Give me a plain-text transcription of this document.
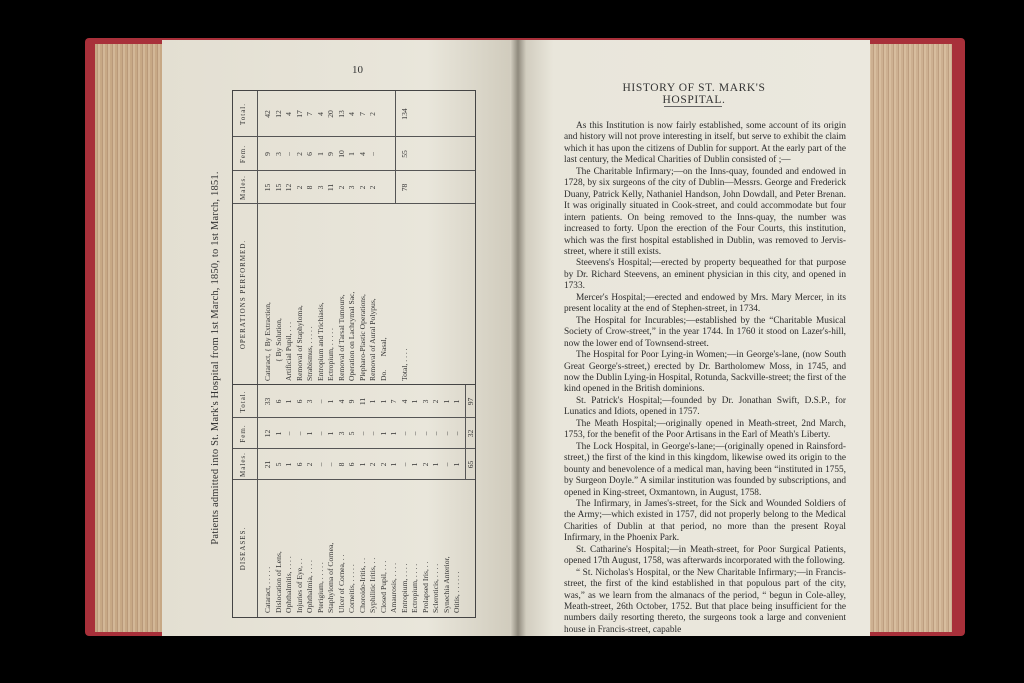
10
Patients admitted into St. Mark's Hospital from 1st March, 1850, to 1st March, 1851.
DISEASES.
Males.
Fem.
Total.
OPERATIONS PERFORMED.
Males.
Fem.
Total.
Cataract, . . . . .
Dislocation of Lens,
Ophthalmitis, . . . .
Injuries of Eye, . .
Ophthalmia, . . . .
Pterigium, . . . . .
Staphyloma of Cornea,
Ulcer of Cornea, . .
Corneitis, . . . . .
Choroido-Iritis, . .
Syphilitic Iritis, . .
Closed Pupil, . . .
Amaurosis, . . . .
Entropium, . . . .
Ectropium, . . . .
Prolapsed Iris, . .
Scleroticis, . . . .
Synechia Anterior,
Otitis, . . . . . .
21
5
1
6
2
–
–
8
6
1
2
2
1
–
1
2
1
–
1
12
1
–
–
1
–
1
3
5
–
–
1
1
–
–
–
–
–
–
33
6
1
6
3
–
1
4
9
11
1
1
7
4
1
3
2
1
1
65
32
97
Cataract, { By Extraction,
{ By Solution,
Artificial Pupil, . . .
Removal of Staphyloma,
Strabismus, . . . . .
Entropium and Trichiasis,
Ectropium, . . . . .
Removal of Tarsal Tumours,
Operation on Lachrymal Sac,
Plepharo-Plastic Operations,
Removal of Aural Polypus,
Do.       Nasal,

Total, . . . .
15
15
12
2
8
3
11
2
3
2
2

78
9
3
–
2
6
1
9
10
1
4
–

55
42
12
4
17
7
4
20
13
4
7
2

134
HISTORY OF ST. MARK'S HOSPITAL.

As this Institution is now fairly established, some account of its origin and history will not prove interesting in itself, but serve to exhibit the claim which it has upon the citizens of Dublin for support. At the early part of the last century, the Medical Charities of Dublin consisted of ;—

The Charitable Infirmary;—on the Inns-quay, founded and endowed in 1728, by six surgeons of the city of Dublin—Messrs. George and Frederick Duany, Patrick Kelly, Nathaniel Handson, John Dowdall, and Peter Brenan. It was originally situated in Cook-street, and could accommodate but four intern patients. On being removed to the Inns-quay, the number was increased to forty. Upon the erection of the Four Courts, this institution, which was the first hospital established in Dublin, was removed to Jervis-street, where it still exists.

Steevens's Hospital;—erected by property bequeathed for that purpose by Dr. Richard Steevens, an eminent physician in this city, and opened in 1733.

Mercer's Hospital;—erected and endowed by Mrs. Mary Mercer, in its present locality at the end of Stephen-street, in 1734.

The Hospital for Incurables;—established by the “Charitable Musical Society of Crow-street,” in the year 1744. In 1760 it stood on Lazer's-hill, now the lower end of Townsend-street.

The Hospital for Poor Lying-in Women;—in George's-lane, (now South Great George's-street,) erected by Dr. Bartholomew Moss, in 1745, and now the Dublin Lying-in Hospital, Rotunda, Sackville-street; the first of the kind opened in the British dominions.

St. Patrick's Hospital;—founded by Dr. Jonathan Swift, D.S.P., for Lunatics and Idiots, opened in 1757.

The Meath Hospital;—originally opened in Meath-street, 2nd March, 1753, for the benefit of the Poor Artisans in the Earl of Meath's Liberty.

The Lock Hospital, in George's-lane;—(originally opened in Rainsford-street,) the first of the kind in this kingdom, likewise owed its origin to the bounty and benevolence of a medical man, having been “instituted in 1755, by Surgeon Doyle.” A similar institution was founded by subscriptions, and opened in King-street, Oxmantown, in August, 1758.

The Infirmary, in James's-street, for the Sick and Wounded Soldiers of the Army;—which existed in 1757, did not properly belong to the Medical Charities of Dublin at that period, no more than the present Royal Infirmary, in the Phoenix Park.

St. Catharine's Hospital;—in Meath-street, for Poor Surgical Patients, opened 17th August, 1758, was afterwards incorporated with the following.

“ St. Nicholas's Hospital, or the New Charitable Infirmary;—in Francis-street, the first of the kind established in that populous part of the city, was,” as we learn from the almanacs of the period, “ begun in Cole-alley, Meath-street, 26th October, 1752. But that place being insufficient for the numbers daily resorting thereto, the surgeons took a large and convenient house in Francis-street, capable
